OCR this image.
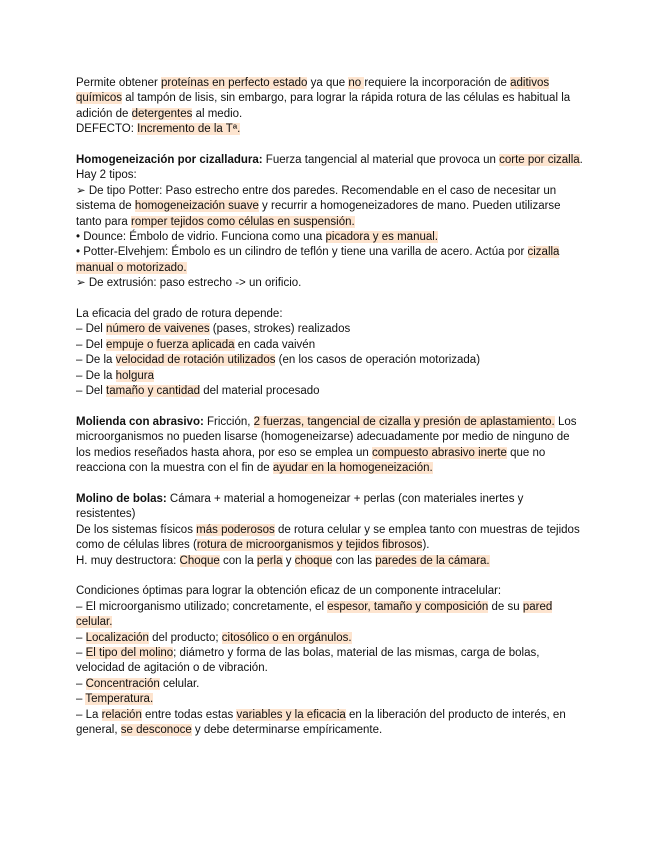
Permite obtener proteínas en perfecto estado ya que no requiere la incorporación de aditivos químicos al tampón de lisis, sin embargo, para lograr la rápida rotura de las células es habitual la adición de detergentes al medio.

DEFECTO: Incremento de la Tª.

Homogeneización por cizalladura: Fuerza tangencial al material que provoca un corte por cizalla. Hay 2 tipos:

➢ De tipo Potter: Paso estrecho entre dos paredes. Recomendable en el caso de necesitar un sistema de homogeneización suave y recurrir a homogeneizadores de mano. Pueden utilizarse tanto para romper tejidos como células en suspensión.

• Dounce: Émbolo de vidrio. Funciona como una picadora y es manual.

• Potter-Elvehjem: Émbolo es un cilindro de teflón y tiene una varilla de acero. Actúa por cizalla manual o motorizado.

➢ De extrusión: paso estrecho -> un orificio.

La eficacia del grado de rotura depende:

– Del número de vaivenes (pases, strokes) realizados

– Del empuje o fuerza aplicada en cada vaivén

– De la velocidad de rotación utilizados (en los casos de operación motorizada)

– De la holgura

– Del tamaño y cantidad del material procesado

Molienda con abrasivo: Fricción, 2 fuerzas, tangencial de cizalla y presión de aplastamiento. Los microorganismos no pueden lisarse (homogeneizarse) adecuadamente por medio de ninguno de los medios reseñados hasta ahora, por eso se emplea un compuesto abrasivo inerte que no reacciona con la muestra con el fin de ayudar en la homogeneización.

Molino de bolas: Cámara + material a homogeneizar + perlas (con materiales inertes y resistentes)

De los sistemas físicos más poderosos de rotura celular y se emplea tanto con muestras de tejidos como de células libres (rotura de microorganismos y tejidos fibrosos).

H. muy destructora: Choque con la perla y choque con las paredes de la cámara.

Condiciones óptimas para lograr la obtención eficaz de un componente intracelular:

– El microorganismo utilizado; concretamente, el espesor, tamaño y composición de su pared celular.

– Localización del producto; citosólico o en orgánulos.

– El tipo del molino; diámetro y forma de las bolas, material de las mismas, carga de bolas, velocidad de agitación o de vibración.

– Concentración celular.

– Temperatura.

– La relación entre todas estas variables y la eficacia en la liberación del producto de interés, en general, se desconoce y debe determinarse empíricamente.
